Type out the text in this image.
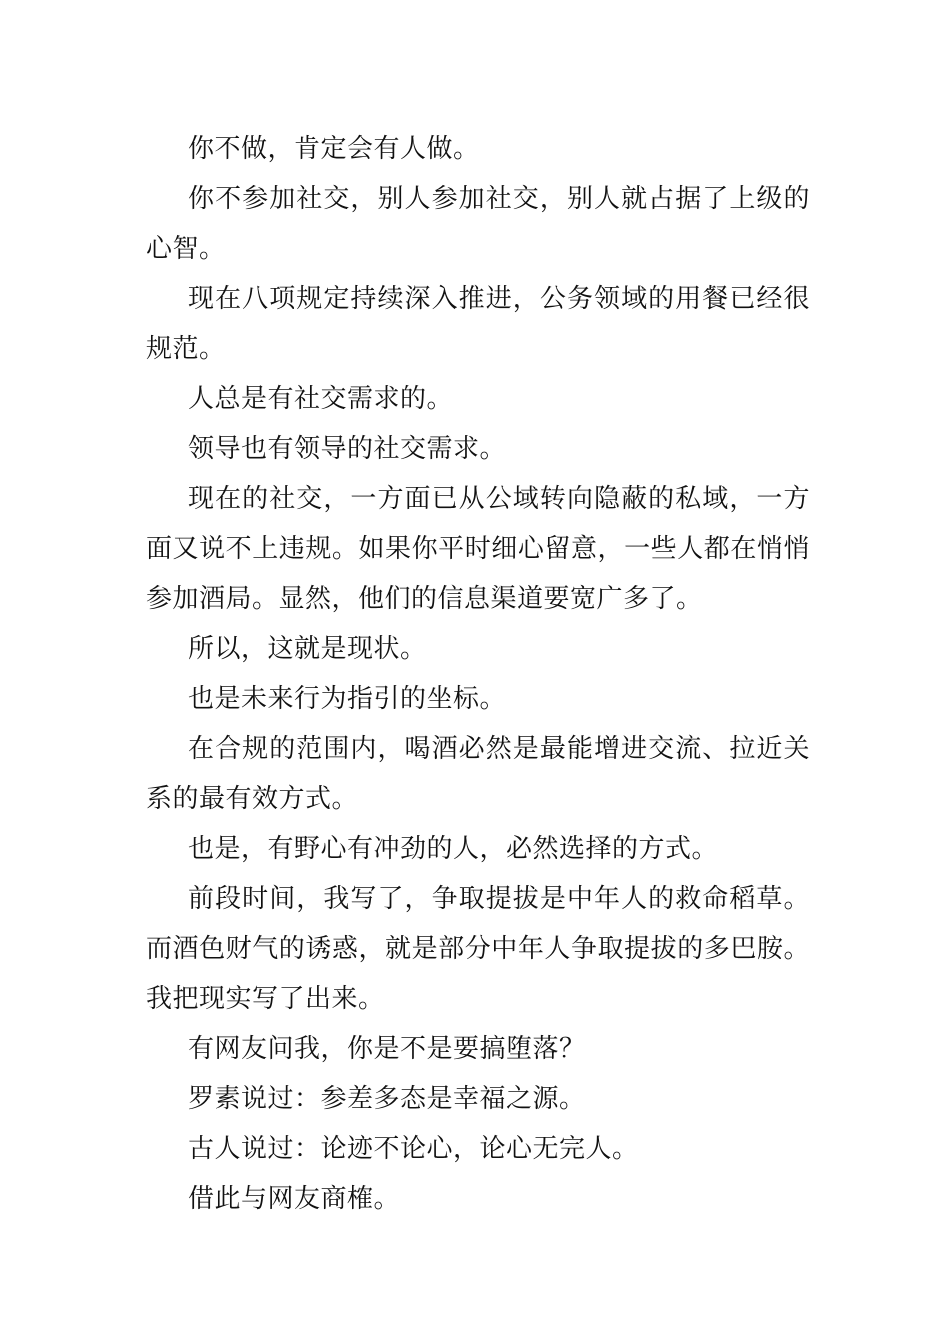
你不做，肯定会有人做。

你不参加社交，别人参加社交，别人就占据了上级的心智。

现在八项规定持续深入推进，公务领域的用餐已经很规范。

人总是有社交需求的。

领导也有领导的社交需求。

现在的社交，一方面已从公域转向隐蔽的私域，一方面又说不上违规。如果你平时细心留意，一些人都在悄悄参加酒局。显然，他们的信息渠道要宽广多了。

所以，这就是现状。

也是未来行为指引的坐标。

在合规的范围内，喝酒必然是最能增进交流、拉近关系的最有效方式。

也是，有野心有冲劲的人，必然选择的方式。

前段时间，我写了，争取提拔是中年人的救命稻草。而酒色财气的诱惑，就是部分中年人争取提拔的多巴胺。我把现实写了出来。

有网友问我，你是不是要搞堕落？

罗素说过：参差多态是幸福之源。

古人说过：论迹不论心，论心无完人。

借此与网友商榷。
